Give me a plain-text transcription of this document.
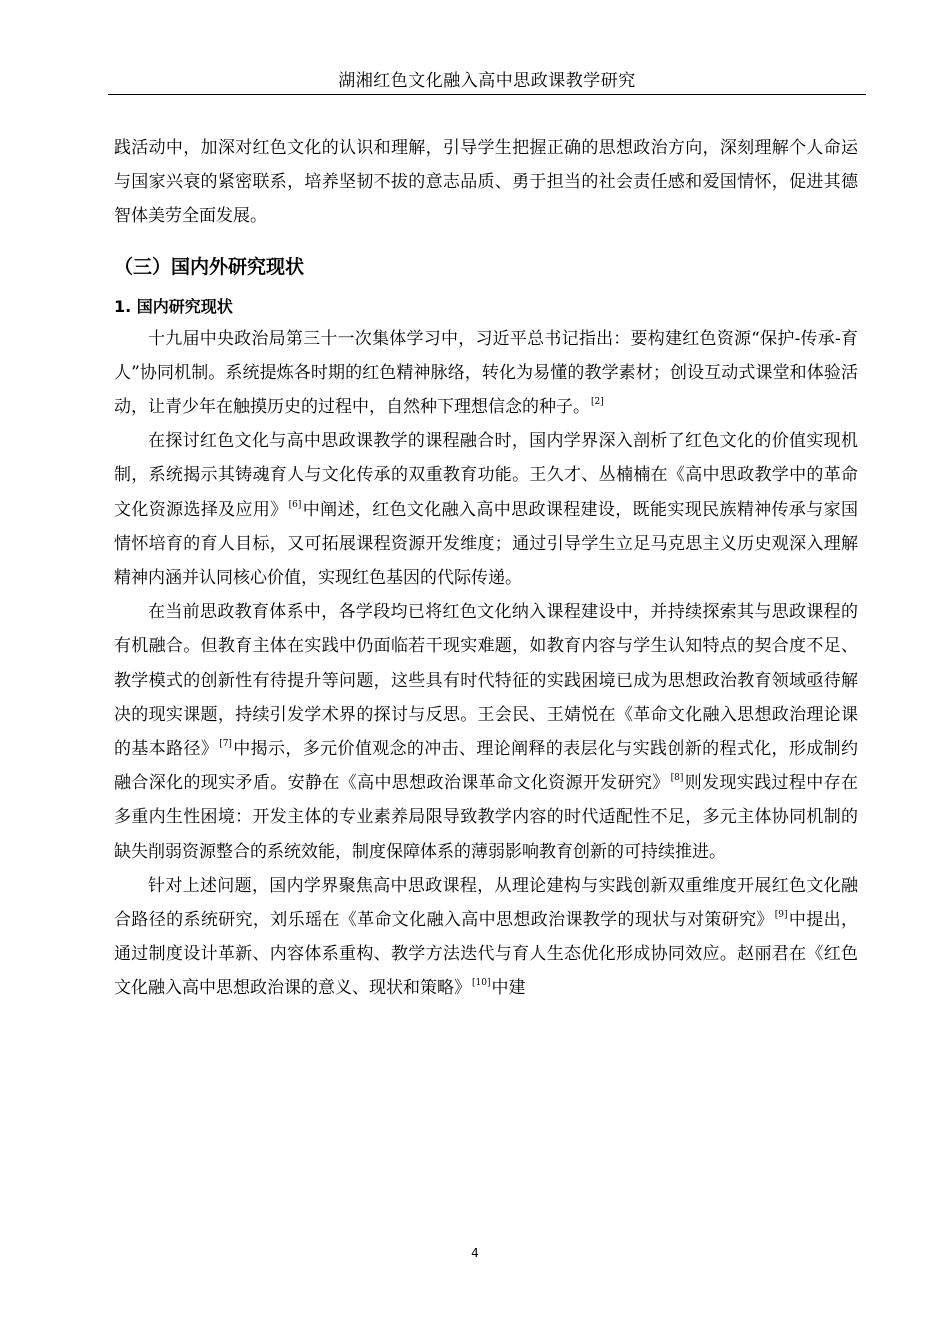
湖湘红色文化融入高中思政课教学研究

践活动中，加深对红色文化的认识和理解，引导学生把握正确的思想政治方向，深刻理解个人命运与国家兴衰的紧密联系，培养坚韧不拔的意志品质、勇于担当的社会责任感和爱国情怀，促进其德智体美劳全面发展。

（三）国内外研究现状
1. 国内研究现状

十九届中央政治局第三十一次集体学习中，习近平总书记指出：要构建红色资源“保护-传承-育人”协同机制。系统提炼各时期的红色精神脉络，转化为易懂的教学素材；创设互动式课堂和体验活动，让青少年在触摸历史的过程中，自然种下理想信念的种子。[2]

在探讨红色文化与高中思政课教学的课程融合时，国内学界深入剖析了红色文化的价值实现机制，系统揭示其铸魂育人与文化传承的双重教育功能。王久才、丛楠楠在《高中思政教学中的革命文化资源选择及应用》[6]中阐述，红色文化融入高中思政课程建设，既能实现民族精神传承与家国情怀培育的育人目标，又可拓展课程资源开发维度；通过引导学生立足马克思主义历史观深入理解精神内涵并认同核心价值，实现红色基因的代际传递。

在当前思政教育体系中，各学段均已将红色文化纳入课程建设中，并持续探索其与思政课程的有机融合。但教育主体在实践中仍面临若干现实难题，如教育内容与学生认知特点的契合度不足、教学模式的创新性有待提升等问题，这些具有时代特征的实践困境已成为思想政治教育领域亟待解决的现实课题，持续引发学术界的探讨与反思。王会民、王婧悦在《革命文化融入思想政治理论课的基本路径》[7]中揭示，多元价值观念的冲击、理论阐释的表层化与实践创新的程式化，形成制约融合深化的现实矛盾。安静在《高中思想政治课革命文化资源开发研究》[8]则发现实践过程中存在多重内生性困境：开发主体的专业素养局限导致教学内容的时代适配性不足，多元主体协同机制的缺失削弱资源整合的系统效能，制度保障体系的薄弱影响教育创新的可持续推进。

针对上述问题，国内学界聚焦高中思政课程，从理论建构与实践创新双重维度开展红色文化融合路径的系统研究，刘乐瑶在《革命文化融入高中思想政治课教学的现状与对策研究》[9]中提出，通过制度设计革新、内容体系重构、教学方法迭代与育人生态优化形成协同效应。赵丽君在《红色文化融入高中思想政治课的意义、现状和策略》[10]中建

4
